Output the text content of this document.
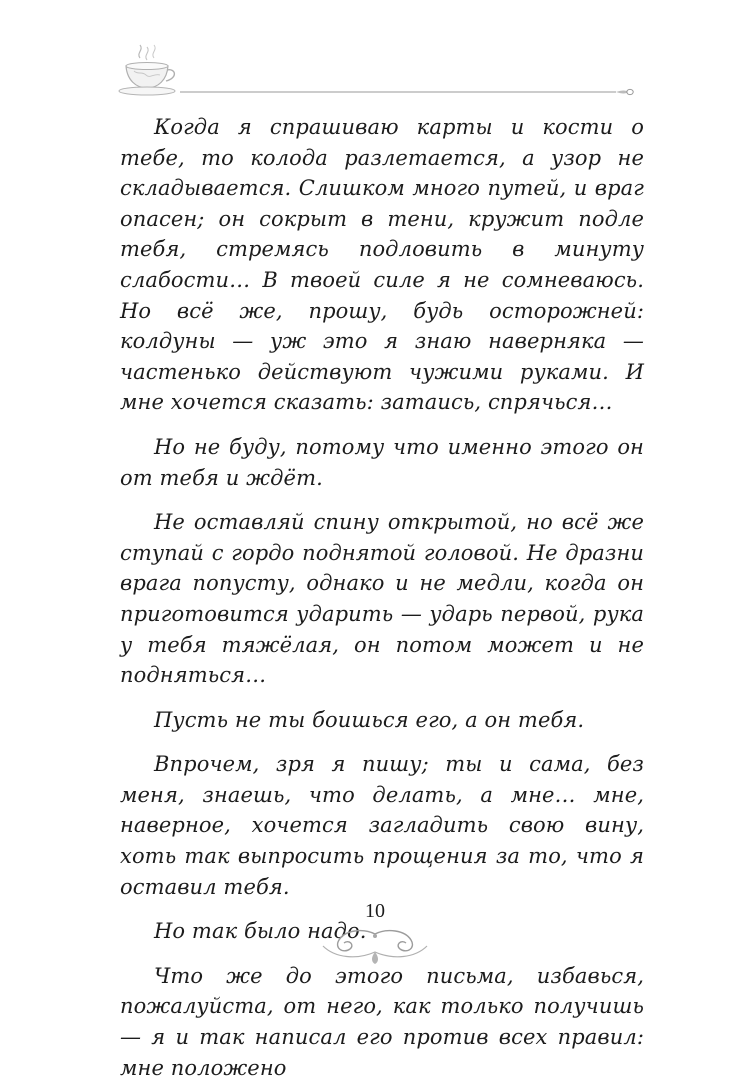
Когда я спрашиваю карты и кости о тебе, то колода разлетается, а узор не складывается. Слишком много путей, и враг опасен; он сокрыт в тени, кружит подле тебя, стремясь подловить в минуту слабости… В твоей силе я не сомневаюсь. Но всё же, прошу, будь осторожней: колдуны — уж это я знаю наверняка — частенько действуют чужими руками. И мне хочется сказать: затаись, спрячься…

Но не буду, потому что именно этого он от тебя и ждёт.

Не оставляй спину открытой, но всё же ступай с гордо поднятой головой. Не дразни врага попусту, однако и не медли, когда он приготовится ударить — ударь первой, рука у тебя тяжёлая, он потом может и не подняться…

Пусть не ты боишься его, а он тебя.

Впрочем, зря я пишу; ты и сама, без меня, знаешь, что делать, а мне… мне, наверное, хочется загладить свою вину, хоть так выпросить прощения за то, что я оставил тебя.

Но так было надо.

Что же до этого письма, избавься, пожалуйста, от него, как только получишь — я и так написал его против всех правил: мне положено

10
